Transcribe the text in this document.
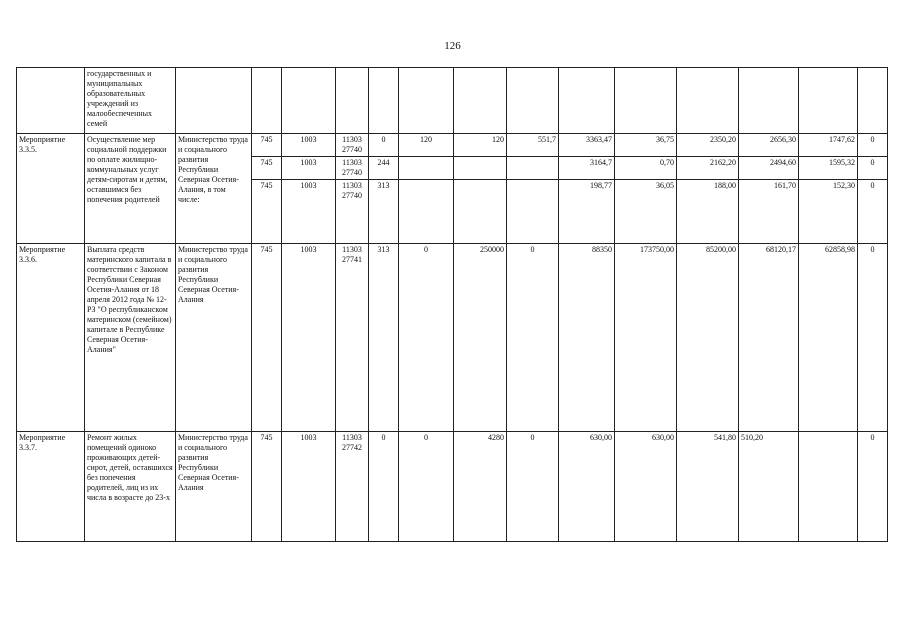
126
	государственных и муниципальных образовательных учреждений из малообеспеченных семей														
Мероприятие 3.3.5.	Осуществление мер социальной поддержки по оплате жилищно-коммунальных услуг детям-сиротам и детям, оставшимся без попечения родителей	Министерство труда и социального развития Республики Северная Осетия-Алания, в том числе:	745	1003	11303 27740	0	120	120	551,7	3363,47	36,75	2350,20	2656,30	1747,62	0
			745	1003	11303 27740	244				3164,7	0,70	2162,20	2494,60	1595,32	0
			745	1003	11303 27740	313				198,77	36,05	188,00	161,70	152,30	0
Мероприятие 3.3.6.	Выплата средств материнского капитала в соответствии с Законом Республики Северная Осетия-Алания от 18 апреля 2012 года № 12-РЗ "О республиканском материнском (семейном) капитале в Республике Северная Осетия-Алания"	Министерство труда и социального развития Республики Северная Осетия-Алания	745	1003	11303 27741	313	0	250000	0	88350	173750,00	85200,00	68120,17	62858,98	0
Мероприятие 3.3.7.	Ремонт жилых помещений одиноко проживающих детей-сирот, детей, оставшихся без попечения родителей, лиц из их числа в возрасте до 23-х	Министерство труда и социального развития Республики Северная Осетия-Алания	745	1003	11303 27742	0	0	4280	0	630,00	630,00	541,80	510,20		0
